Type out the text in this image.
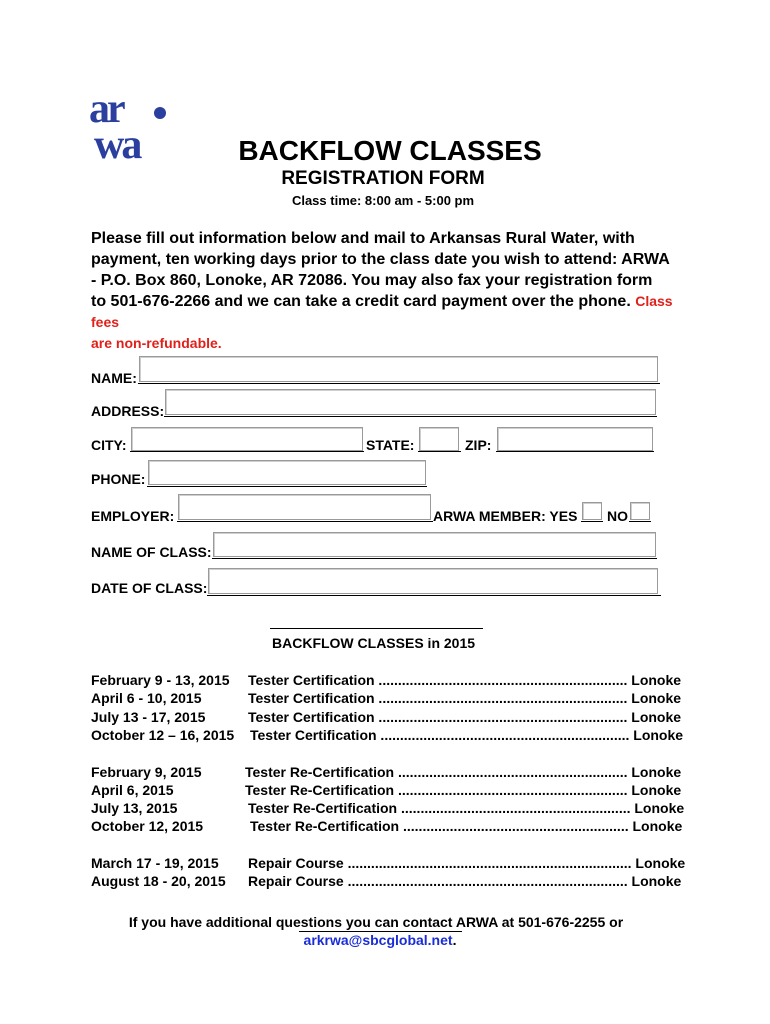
ar
wa	BACKFLOW CLASSES
REGISTRATION FORM
Class time: 8:00 am - 5:00 pm
Please fill out information below and mail to Arkansas Rural Water, with
payment, ten working days prior to the class date you wish to attend: ARWA
- P.O. Box 860, Lonoke, AR 72086. You may also fax your registration form
to 501-676-2266 and we can take a credit card payment over the phone. Class fees
are non-refundable.
NAME:
ADDRESS:
CITY:	STATE:	ZIP:
PHONE:
EMPLOYER:	ARWA MEMBER: YES NO
NAME OF CLASS:
DATE OF CLASS:
BACKFLOW CLASSES in 2015
February 9 - 13, 2015 Tester Certification ................................................................ Lonoke
April 6 - 10, 2015	Tester Certification ................................................................ Lonoke
July 13 - 17, 2015	Tester Certification ................................................................ Lonoke
October 12 – 16, 2015 Tester Certification ................................................................ Lonoke
February 9, 2015	Tester Re-Certification ........................................................... Lonoke
April 6, 2015	Tester Re-Certification ........................................................... Lonoke
July 13, 2015	Tester Re-Certification ........................................................... Lonoke
October 12, 2015	Tester Re-Certification .......................................................... Lonoke
March 17 - 19, 2015 Repair Course ......................................................................... Lonoke
August 18 - 20, 2015 Repair Course ........................................................................ Lonoke
If you have additional questions you can contact ARWA at 501-676-2255 or
arkrwa@sbcglobal.net.
